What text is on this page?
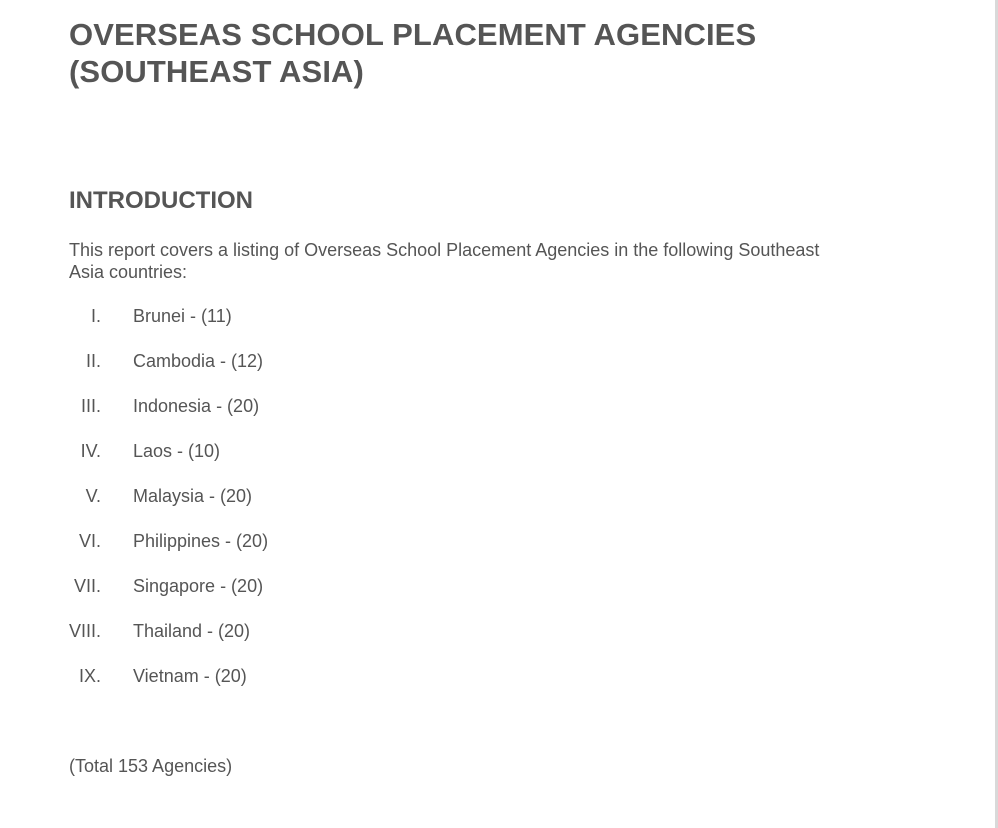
OVERSEAS SCHOOL PLACEMENT AGENCIES
(SOUTHEAST ASIA)
INTRODUCTION

This report covers a listing of Overseas School Placement Agencies in the following Southeast Asia countries:

I. Brunei - (11)
II. Cambodia - (12)
III. Indonesia - (20)
IV. Laos - (10)
V. Malaysia - (20)
VI. Philippines - (20)
VII. Singapore - (20)
VIII. Thailand - (20)
IX. Vietnam - (20)

(Total 153 Agencies)
